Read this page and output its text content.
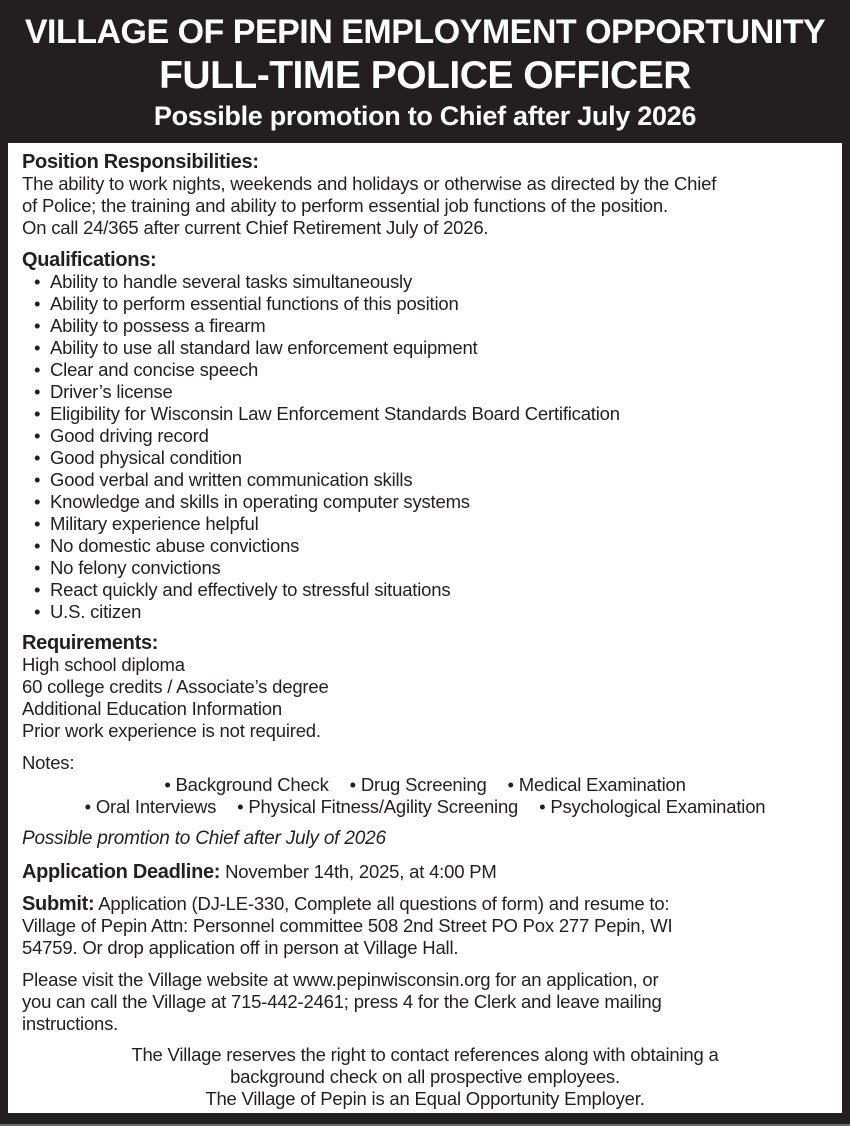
VILLAGE OF PEPIN EMPLOYMENT OPPORTUNITY
FULL-TIME POLICE OFFICER
Possible promotion to Chief after July 2026
Position Responsibilities:
The ability to work nights, weekends and holidays or otherwise as directed by the Chief
of Police; the training and ability to perform essential job functions of the position.
On call 24/365 after current Chief Retirement July of 2026.
Qualifications:
• Ability to handle several tasks simultaneously
• Ability to perform essential functions of this position
• Ability to possess a firearm
• Ability to use all standard law enforcement equipment
• Clear and concise speech
• Driver’s license
• Eligibility for Wisconsin Law Enforcement Standards Board Certification
• Good driving record
• Good physical condition
• Good verbal and written communication skills
• Knowledge and skills in operating computer systems
• Military experience helpful
• No domestic abuse convictions
• No felony convictions
• React quickly and effectively to stressful situations
• U.S. citizen
Requirements:
High school diploma
60 college credits / Associate’s degree
Additional Education Information
Prior work experience is not required.
Notes:
• Background Check • Drug Screening • Medical Examination
• Oral Interviews • Physical Fitness/Agility Screening • Psychological Examination

Possible promtion to Chief after July of 2026

Application Deadline: November 14th, 2025, at 4:00 PM

Submit: Application (DJ-LE-330, Complete all questions of form) and resume to:
Village of Pepin Attn: Personnel committee 508 2nd Street PO Pox 277 Pepin, WI
54759. Or drop application off in person at Village Hall.
Please visit the Village website at www.pepinwisconsin.org for an application, or
you can call the Village at 715-442-2461; press 4 for the Clerk and leave mailing
instructions.
The Village reserves the right to contact references along with obtaining a
background check on all prospective employees.
The Village of Pepin is an Equal Opportunity Employer.
